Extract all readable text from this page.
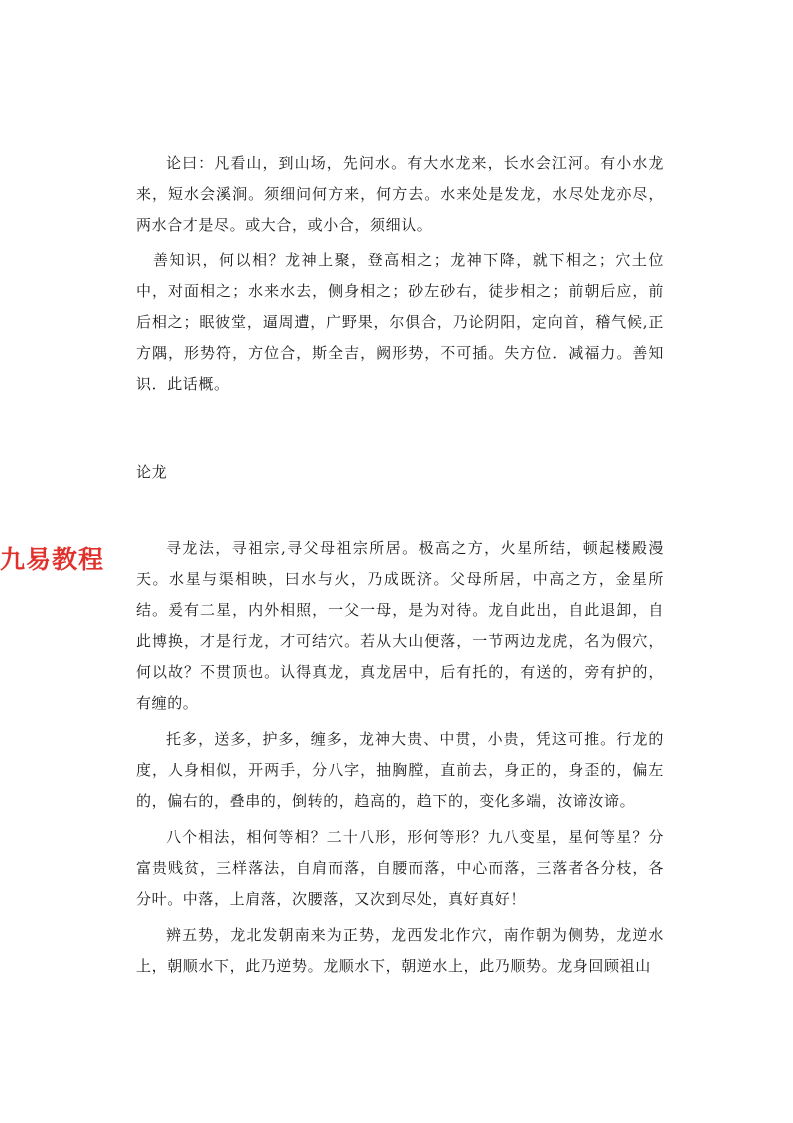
论曰：凡看山，到山场，先问水。有大水龙来，长水会江河。有小水龙来，短水会溪涧。须细问何方来，何方去。水来处是发龙，水尽处龙亦尽，两水合才是尽。或大合，或小合，须细认。

善知识，何以相？龙神上聚，登高相之；龙神下降，就下相之；穴土位中，对面相之；水来水去，侧身相之；砂左砂右，徒步相之；前朝后应，前后相之；眠彼堂，逼周遭，广野果，尔俱合，乃论阴阳，定向首，稽气候,正方隅，形势符，方位合，斯全吉，阙形势，不可插。失方位．减福力。善知识．此话概。

论龙
九易教程	寻龙法，寻祖宗,寻父母祖宗所居。极高之方，火星所结，顿起楼殿漫天。水星与渠相映，曰水与火，乃成既济。父母所居，中高之方，金星所结。爰有二星，内外相照，一父一母，是为对待。龙自此出，自此退卸，自此博换，才是行龙，才可结穴。若从大山便落，一节两边龙虎，名为假穴，何以故？不贯顶也。认得真龙，真龙居中，后有托的，有送的，旁有护的，有缠的。

托多，送多，护多，缠多，龙神大贵、中贯，小贵，凭这可推。行龙的度，人身相似，开两手，分八字，抽胸膛，直前去，身正的，身歪的，偏左的，偏右的，叠串的，倒转的，趋高的，趋下的，变化多端，汝谛汝谛。

八个相法，相何等相？二十八形，形何等形？九八变星，星何等星？分富贵贱贫，三样落法，自肩而落，自腰而落，中心而落，三落者各分枝，各分叶。中落，上肩落，次腰落，又次到尽处，真好真好！

辨五势，龙北发朝南来为正势，龙西发北作穴，南作朝为侧势，龙逆水上，朝顺水下，此乃逆势。龙顺水下，朝逆水上，此乃顺势。龙身回顾祖山
